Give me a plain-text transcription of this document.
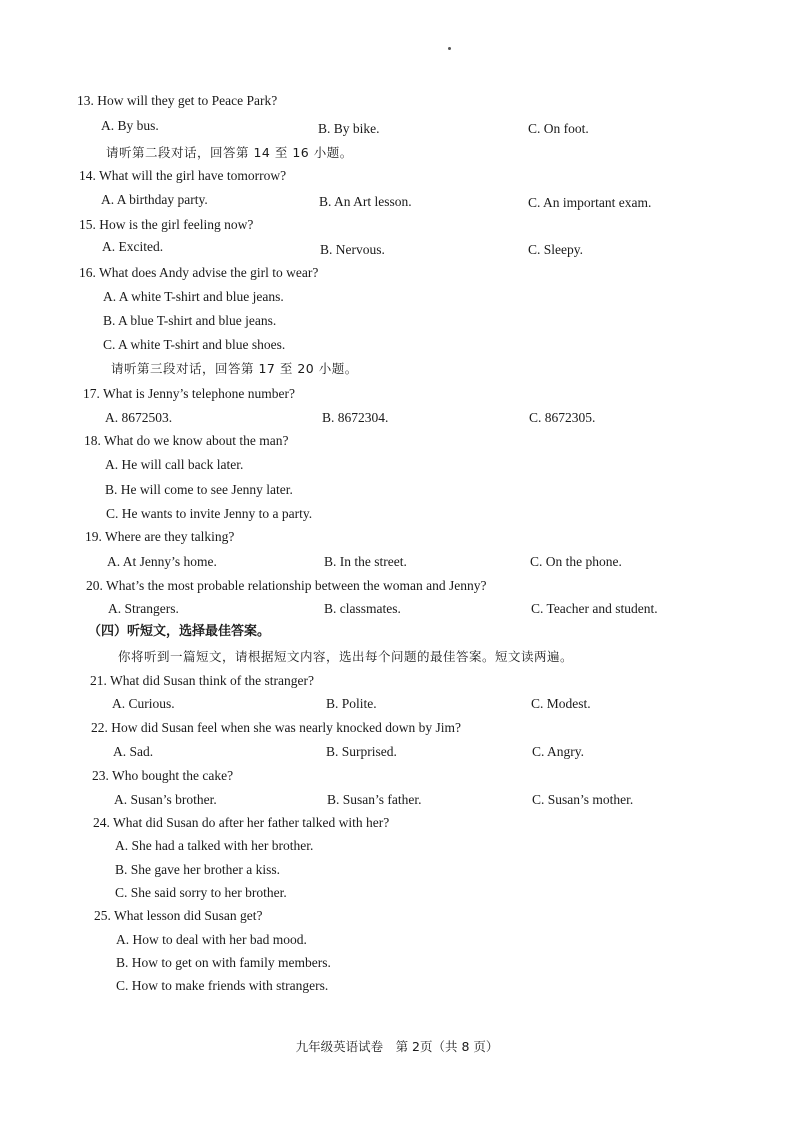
13. How will they get to Peace Park?
A. By bus.	B. By bike.	C. On foot.
请听第二段对话，回答第 14 至 16 小题。
14. What will the girl have tomorrow?
A. A birthday party.	B. An Art lesson.	C. An important exam.
15. How is the girl feeling now?
A. Excited.	B. Nervous.	C. Sleepy.
16. What does Andy advise the girl to wear?
A. A white T-shirt and blue jeans.
B. A blue T-shirt and blue jeans.
C. A white T-shirt and blue shoes.
请听第三段对话，回答第 17 至 20 小题。
17. What is Jenny’s telephone number?
A. 8672503.	B. 8672304.	C. 8672305.
18. What do we know about the man?
A. He will call back later.
B. He will come to see Jenny later.
C. He wants to invite Jenny to a party.
19. Where are they talking?
A. At Jenny’s home.	B. In the street.	C. On the phone.
20. What’s the most probable relationship between the woman and Jenny?
A. Strangers.	B. classmates.	C. Teacher and student.
（四）听短文，选择最佳答案。
你将听到一篇短文，请根据短文内容，选出每个问题的最佳答案。短文读两遍。
21. What did Susan think of the stranger?
A. Curious.	B. Polite.	C. Modest.
22. How did Susan feel when she was nearly knocked down by Jim?
A. Sad.	B. Surprised.	C. Angry.
23. Who bought the cake?
A. Susan’s brother.	B. Susan’s father.	C. Susan’s mother.
24. What did Susan do after her father talked with her?
A. She had a talked with her brother.
B. She gave her brother a kiss.
C. She said sorry to her brother.
25. What lesson did Susan get?
A. How to deal with her bad mood.
B. How to get on with family members.
C. How to make friends with strangers.
九年级英语试卷　第 2页（共 8 页）
